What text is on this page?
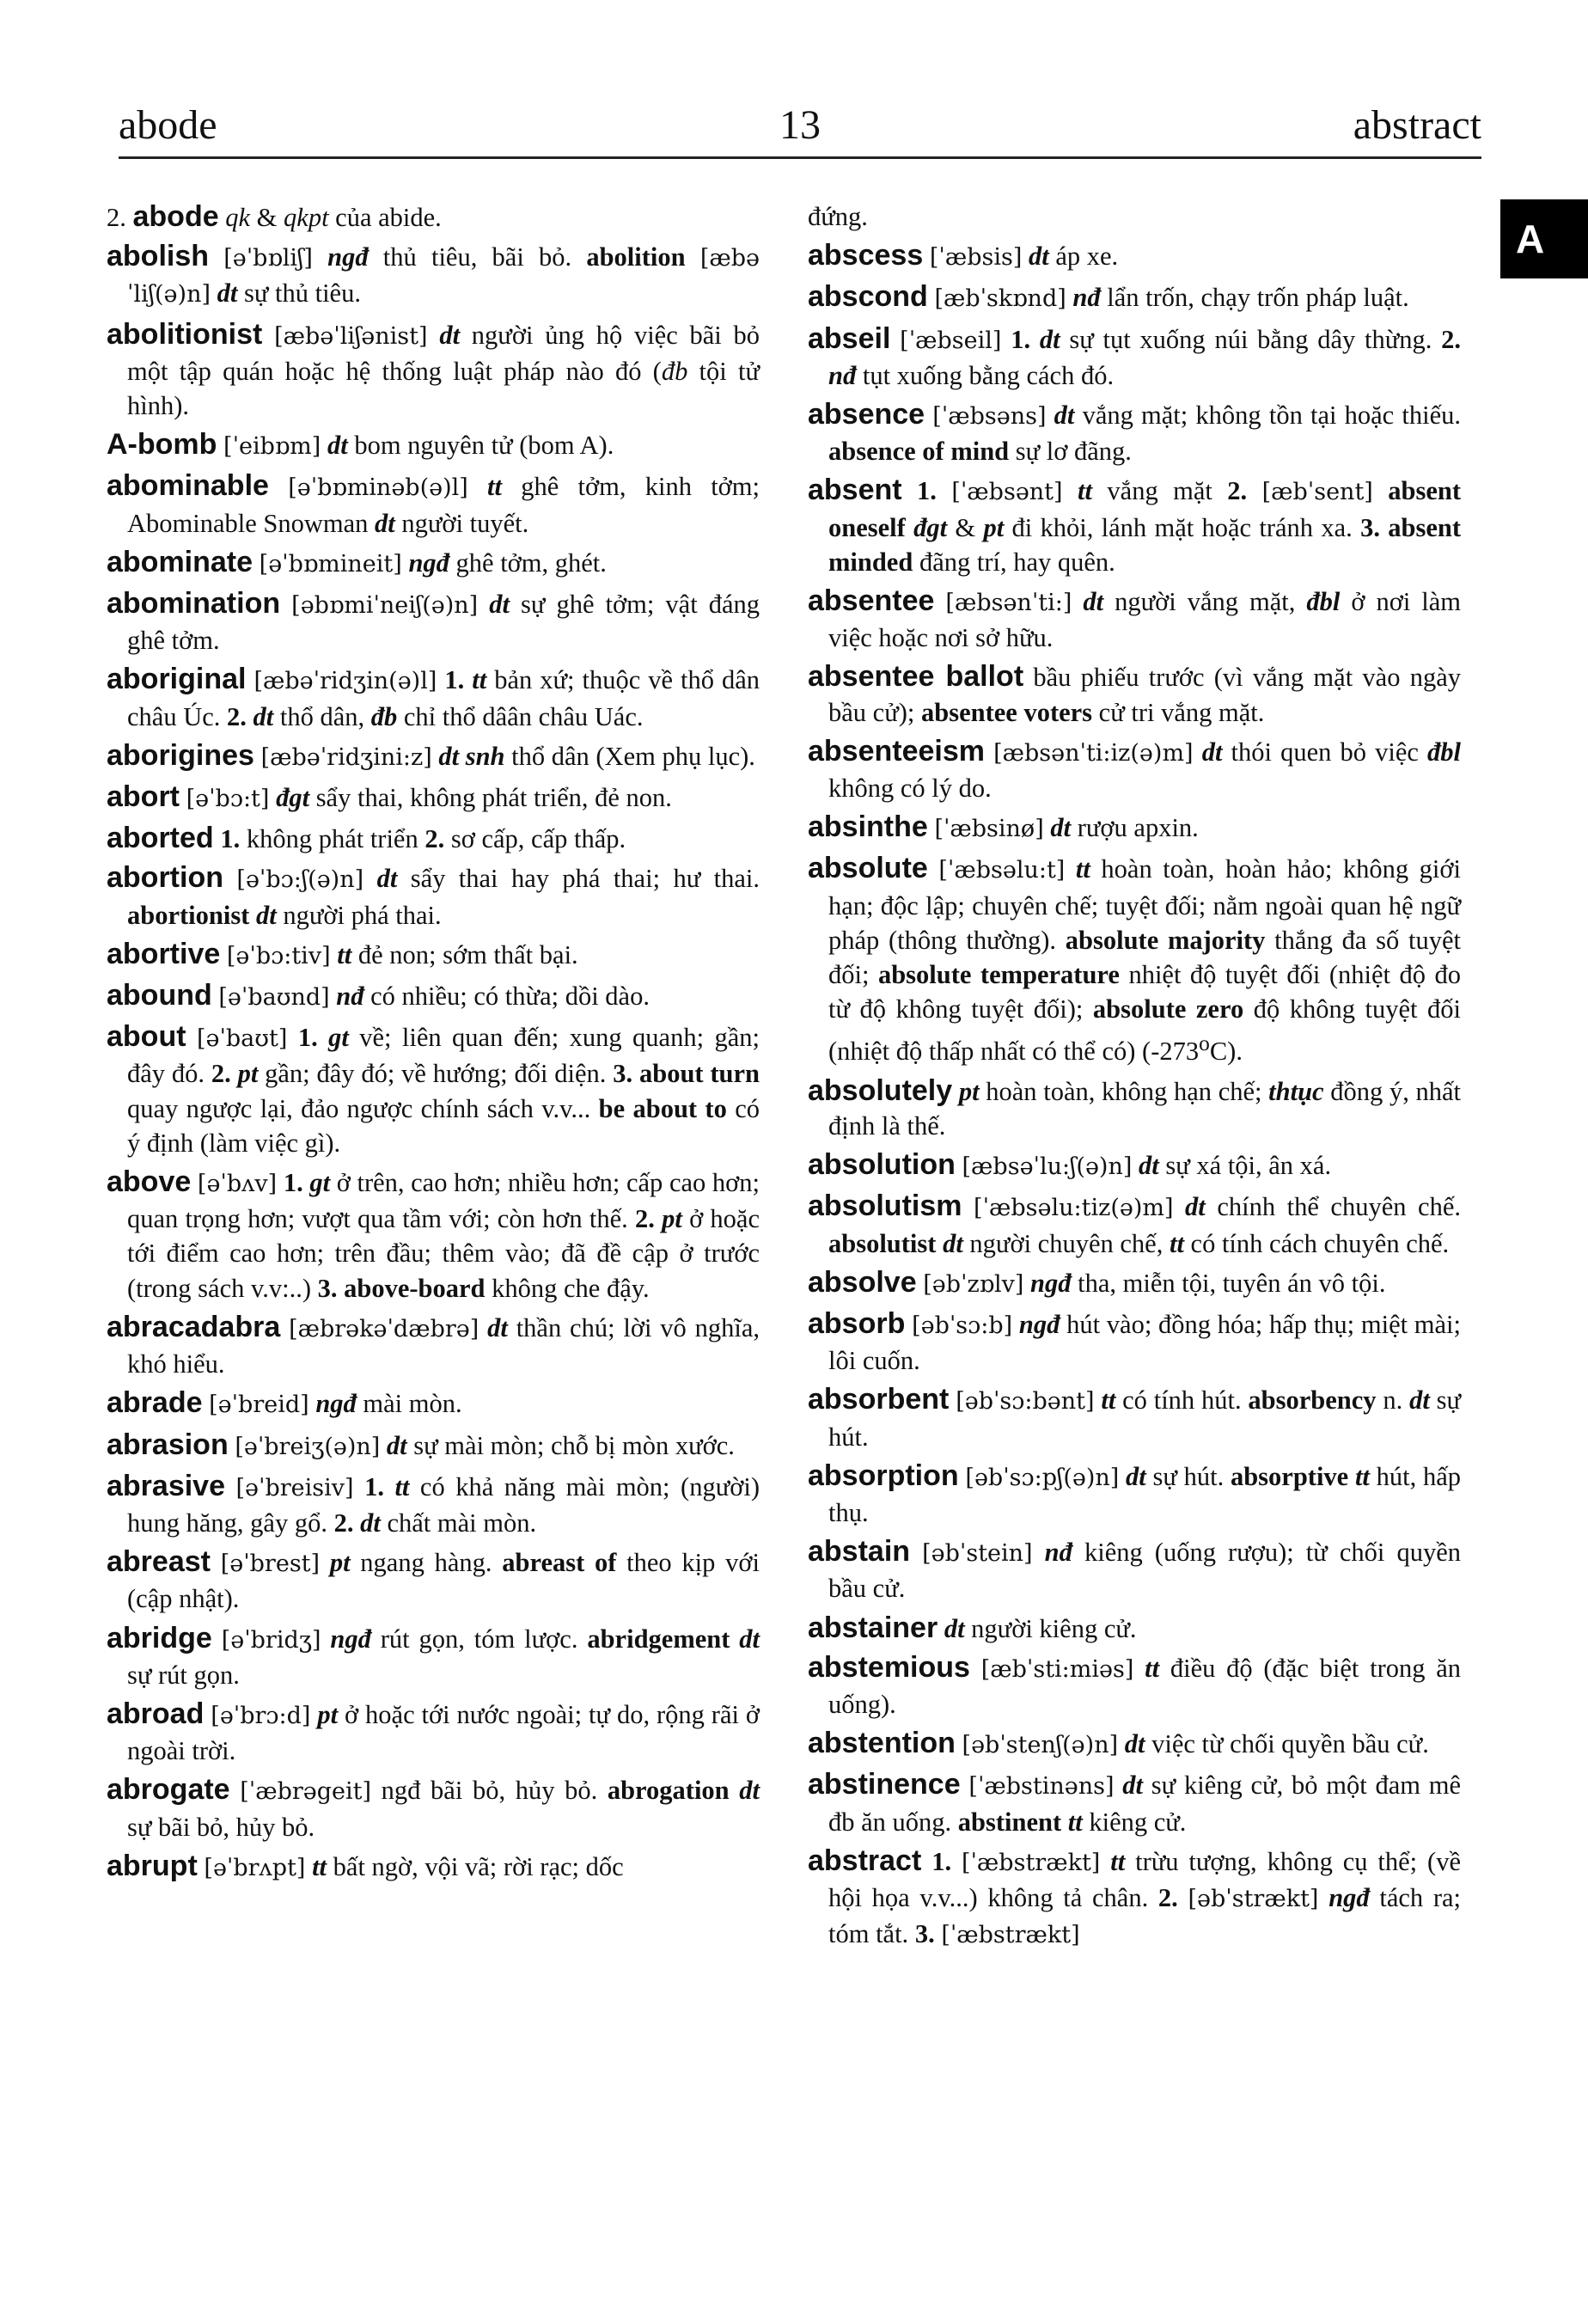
abode	13	abstract
A
2. abode qk & qkpt của abide.
abolish [əˈbɒliʃ] ngđ thủ tiêu, bãi bỏ. abolition [æbəˈliʃ(ə)n] dt sự thủ tiêu.
abolitionist [æbəˈliʃənist] dt người ủng hộ việc bãi bỏ một tập quán hoặc hệ thống luật pháp nào đó (đb tội tử hình).
A-bomb [ˈeibɒm] dt bom nguyên tử (bom A).
abominable [əˈbɒminəb(ə)l] tt ghê tởm, kinh tởm; Abominable Snowman dt người tuyết.
abominate [əˈbɒmineit] ngđ ghê tởm, ghét.
abomination [əbɒmiˈneiʃ(ə)n] dt sự ghê tởm; vật đáng ghê tởm.
aboriginal [æbəˈridʒin(ə)l] 1. tt bản xứ; thuộc về thổ dân châu Úc. 2. dt thổ dân, đb chỉ thổ dâân châu Uác.
aborigines [æbəˈridʒini:z] dt snh thổ dân (Xem phụ lục).
abort [əˈbɔ:t] đgt sẩy thai, không phát triển, đẻ non.
aborted 1. không phát triển 2. sơ cấp, cấp thấp.
abortion [əˈbɔ:ʃ(ə)n] dt sẩy thai hay phá thai; hư thai. abortionist dt người phá thai.
abortive [əˈbɔ:tiv] tt đẻ non; sớm thất bại.
abound [əˈbaʊnd] nđ có nhiều; có thừa; dồi dào.
about [əˈbaʊt] 1. gt về; liên quan đến; xung quanh; gần; đây đó. 2. pt gần; đây đó; về hướng; đối diện. 3. about turn quay ngược lại, đảo ngược chính sách v.v... be about to có ý định (làm việc gì).
above [əˈbʌv] 1. gt ở trên, cao hơn; nhiều hơn; cấp cao hơn; quan trọng hơn; vượt qua tầm với; còn hơn thế. 2. pt ở hoặc tới điểm cao hơn; trên đầu; thêm vào; đã đề cập ở trước (trong sách v.v:..) 3. above-board không che đậy.
abracadabra [æbrəkəˈdæbrə] dt thần chú; lời vô nghĩa, khó hiểu.
abrade [əˈbreid] ngđ mài mòn.
abrasion [əˈbreiʒ(ə)n] dt sự mài mòn; chỗ bị mòn xước.
abrasive [əˈbreisiv] 1. tt có khả năng mài mòn; (người) hung hăng, gây gổ. 2. dt chất mài mòn.
abreast [əˈbrest] pt ngang hàng. abreast of theo kịp với (cập nhật).
abridge [əˈbridʒ] ngđ rút gọn, tóm lược. abridgement dt sự rút gọn.
abroad [əˈbrɔ:d] pt ở hoặc tới nước ngoài; tự do, rộng rãi ở ngoài trời.
abrogate [ˈæbrəgeit] ngđ bãi bỏ, hủy bỏ. abrogation dt sự bãi bỏ, hủy bỏ.
abrupt [əˈbrʌpt] tt bất ngờ, vội vã; rời rạc; dốc
đứng.
abscess [ˈæbsis] dt áp xe.
abscond [æbˈskɒnd] nđ lẩn trốn, chạy trốn pháp luật.
abseil [ˈæbseil] 1. dt sự tụt xuống núi bằng dây thừng. 2. nđ tụt xuống bằng cách đó.
absence [ˈæbsəns] dt vắng mặt; không tồn tại hoặc thiếu. absence of mind sự lơ đãng.
absent 1. [ˈæbsənt] tt vắng mặt 2. [æbˈsent] absent oneself đgt & pt đi khỏi, lánh mặt hoặc tránh xa. 3. absent minded đãng trí, hay quên.
absentee [æbsənˈti:] dt người vắng mặt, đbl ở nơi làm việc hoặc nơi sở hữu.
absentee ballot bầu phiếu trước (vì vắng mặt vào ngày bầu cử); absentee voters cử tri vắng mặt.
absenteeism [æbsənˈti:iz(ə)m] dt thói quen bỏ việc đbl không có lý do.
absinthe [ˈæbsinø] dt rượu apxin.
absolute [ˈæbsəlu:t] tt hoàn toàn, hoàn hảo; không giới hạn; độc lập; chuyên chế; tuyệt đối; nằm ngoài quan hệ ngữ pháp (thông thường). absolute majority thắng đa số tuyệt đối; absolute temperature nhiệt độ tuyệt đối (nhiệt độ đo từ độ không tuyệt đối); absolute zero độ không tuyệt đối (nhiệt độ thấp nhất có thể có) (-273$^o$C).
absolutely pt hoàn toàn, không hạn chế; thtục đồng ý, nhất định là thế.
absolution [æbsəˈlu:ʃ(ə)n] dt sự xá tội, ân xá.
absolutism [ˈæbsəlu:tiz(ə)m] dt chính thể chuyên chế. absolutist dt người chuyên chế, tt có tính cách chuyên chế.
absolve [əbˈzɒlv] ngđ tha, miễn tội, tuyên án vô tội.
absorb [əbˈsɔ:b] ngđ hút vào; đồng hóa; hấp thụ; miệt mài; lôi cuốn.
absorbent [əbˈsɔ:bənt] tt có tính hút. absorbency n. dt sự hút.
absorption [əbˈsɔ:pʃ(ə)n] dt sự hút. absorptive tt hút, hấp thụ.
abstain [əbˈstein] nđ kiêng (uống rượu); từ chối quyền bầu cử.
abstainer dt người kiêng cử.
abstemious [æbˈsti:miəs] tt điều độ (đặc biệt trong ăn uống).
abstention [əbˈstenʃ(ə)n] dt việc từ chối quyền bầu cử.
abstinence [ˈæbstinəns] dt sự kiêng cử, bỏ một đam mê đb ăn uống. abstinent tt kiêng cử.
abstract 1. [ˈæbstrækt] tt trừu tượng, không cụ thể; (về hội họa v.v...) không tả chân. 2. [əbˈstrækt] ngđ tách ra; tóm tắt. 3. [ˈæbstrækt]
